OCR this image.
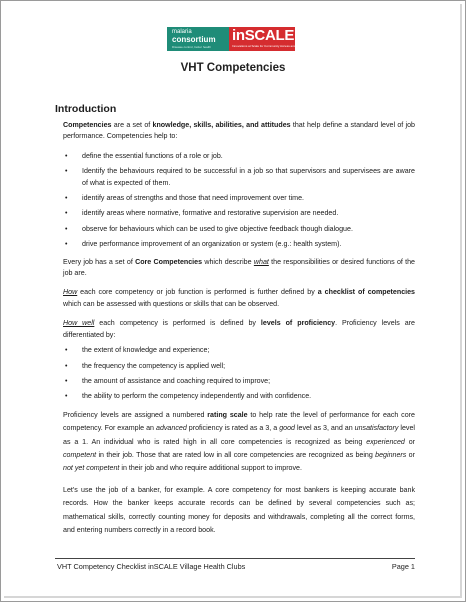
malaria
consortium
Disease control, better health
inSCALE
Innovations at Scale for Community Access and Lasting Effects
VHT Competencies
Introduction

Competencies are a set of knowledge, skills, abilities, and attitudes that help define a standard level of job performance. Competencies help to:

• define the essential functions of a role or job.
• Identify the behaviours required to be successful in a job so that supervisors and supervisees are aware of what is expected of them.
• identify areas of strengths and those that need improvement over time.
• identify areas where normative, formative and restorative supervision are needed.
• observe for behaviours which can be used to give objective feedback though dialogue.
• drive performance improvement of an organization or system (e.g.: health system).

Every job has a set of Core Competencies which describe what the responsibilities or desired functions of the job are.

How each core competency or job function is performed is further defined by a checklist of competencies which can be assessed with questions or skills that can be observed.

How well each competency is performed is defined by levels of proficiency. Proficiency levels are differentiated by:

• the extent of knowledge and experience;
• the frequency the competency is applied well;
• the amount of assistance and coaching required to improve;
• the ability to perform the competency independently and with confidence.

Proficiency levels are assigned a numbered rating scale to help rate the level of performance for each core competency. For example an advanced proficiency is rated as a 3, a good level as 3, and an unsatisfactory level as a 1. An individual who is rated high in all core competencies is recognized as being experienced or competent in their job. Those that are rated low in all core competencies are recognized as being beginners or not yet competent in their job and who require additional support to improve.

Let's use the job of a banker, for example. A core competency for most bankers is keeping accurate bank records. How the banker keeps accurate records can be defined by several competencies such as; mathematical skills, correctly counting money for deposits and withdrawals, completing all the correct forms, and entering numbers correctly in a record book.

VHT Competency Checklist inSCALE Village Health Clubs	Page 1
